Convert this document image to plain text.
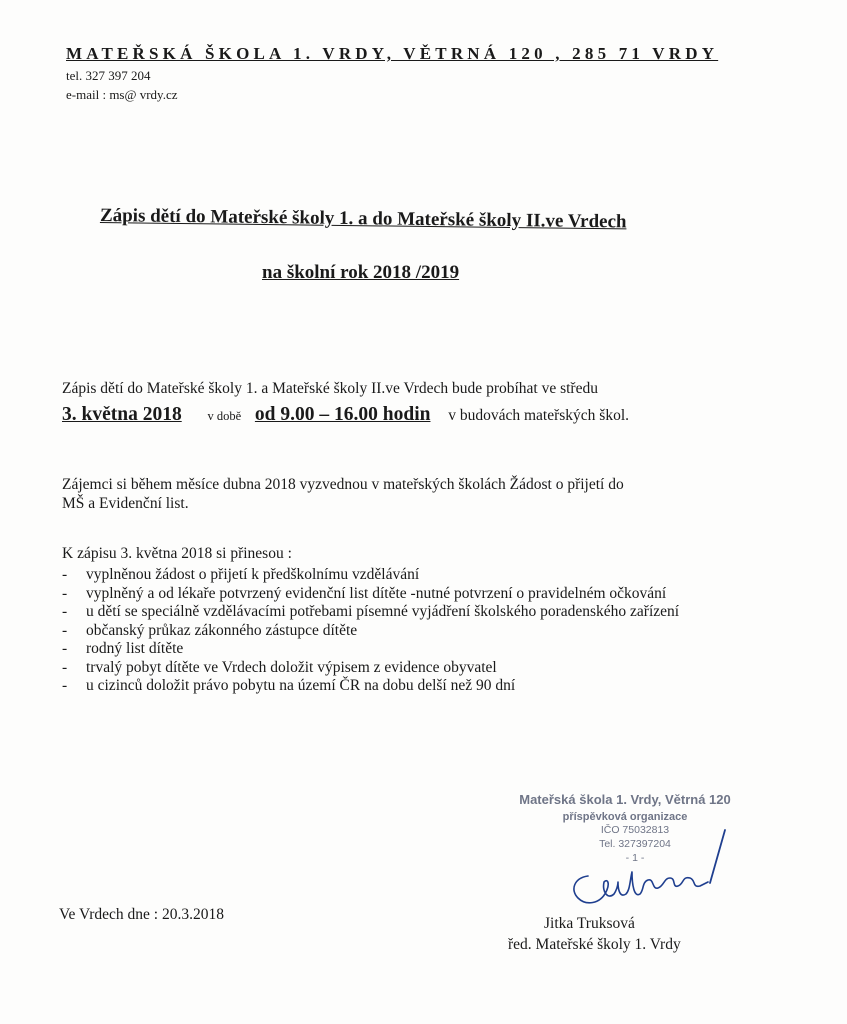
MATEŘSKÁ ŠKOLA 1. VRDY, VĚTRNÁ 120 , 285 71 VRDY
tel. 327 397 204
e-mail : ms@ vrdy.cz
Zápis dětí do Mateřské školy 1. a do Mateřské školy II.ve Vrdech
na školní rok 2018 /2019
Zápis dětí do Mateřské školy 1. a Mateřské školy II.ve Vrdech bude probíhat ve středu
3. května 2018 v době od 9.00 – 16.00 hodin v budovách mateřských škol.
Zájemci si během měsíce dubna 2018 vyzvednou v mateřských školách Žádost o přijetí do
MŠ a Evidenční list.
K zápisu 3. května 2018 si přinesou :
- vyplněnou žádost o přijetí k předškolnímu vzdělávání
- vyplněný a od lékaře potvrzený evidenční list dítěte -nutné potvrzení o pravidelném očkování
- u dětí se speciálně vzdělávacími potřebami písemné vyjádření školského poradenského zařízení
- občanský průkaz zákonného zástupce dítěte
- rodný list dítěte
- trvalý pobyt dítěte ve Vrdech doložit výpisem z evidence obyvatel
- u cizinců doložit právo pobytu na území ČR na dobu delší než 90 dní
Mateřská škola 1. Vrdy, Větrná 120
příspěvková organizace
IČO 75032813
Tel. 327397204
- 1 -
Ve Vrdech dne : 20.3.2018
Jitka Truksová
řed. Mateřské školy 1. Vrdy
